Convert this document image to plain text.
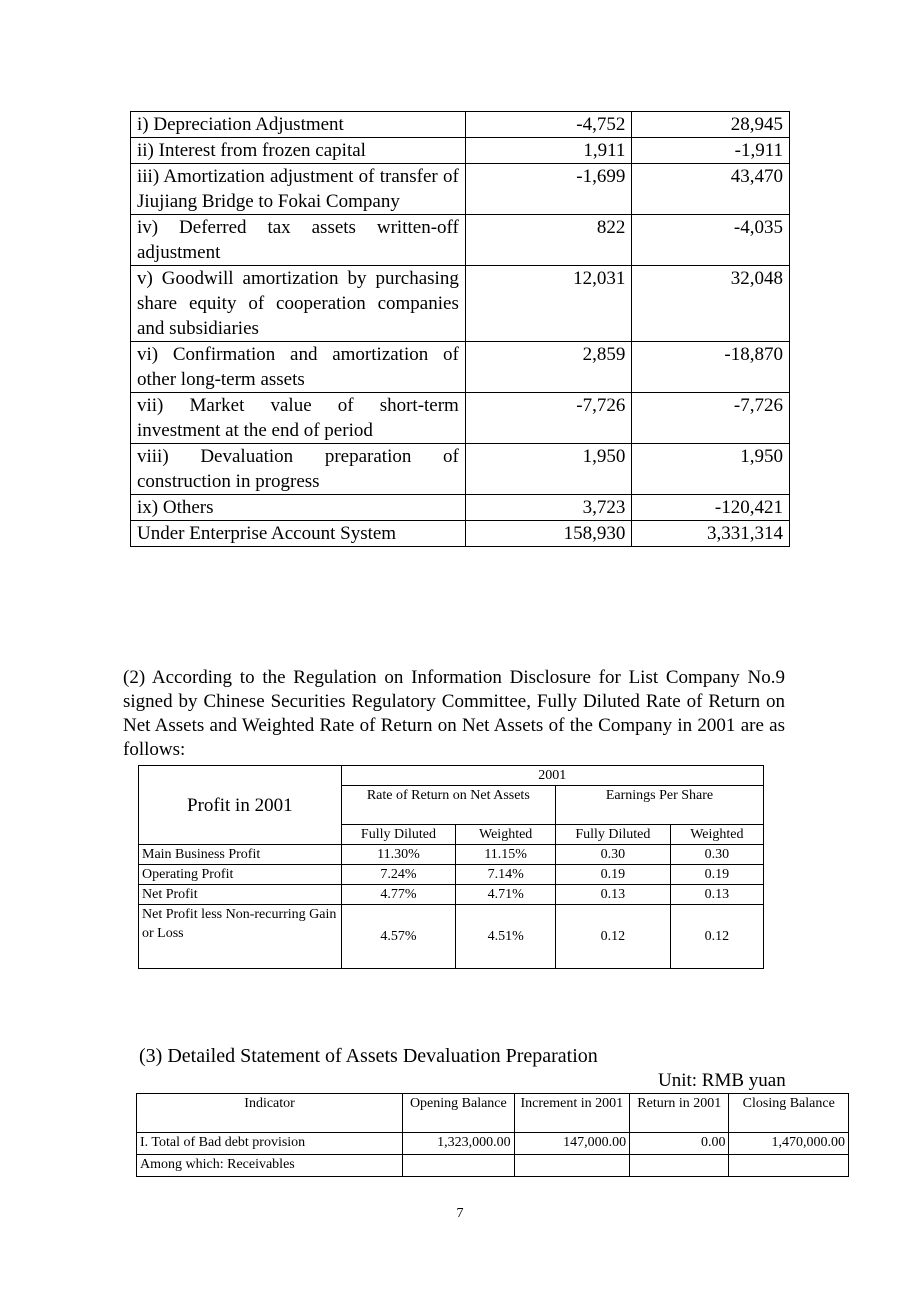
i) Depreciation Adjustment	-4,752	28,945
ii) Interest from frozen capital	1,911	-1,911
iii) Amortization adjustment of transfer of Jiujiang Bridge to Fokai Company	-1,699	43,470
iv) Deferred tax assets written-off adjustment	822	-4,035
v) Goodwill amortization by purchasing share equity of cooperation companies and subsidiaries	12,031	32,048
vi) Confirmation and amortization of other long-term assets	2,859	-18,870
vii) Market value of short-term investment at the end of period	-7,726	-7,726
viii) Devaluation preparation of construction in progress	1,950	1,950
ix) Others	3,723	-120,421
Under Enterprise Account System	158,930	3,331,314

(2) According to the Regulation on Information Disclosure for List Company No.9 signed by Chinese Securities Regulatory Committee, Fully Diluted Rate of Return on Net Assets and Weighted Rate of Return on Net Assets of the Company in 2001 are as follows:

Profit in 2001	2001			
	Rate of Return on Net Assets		Earnings Per Share	
	Fully Diluted	Weighted	Fully Diluted	Weighted
Main Business Profit	11.30%	11.15%	0.30	0.30
Operating Profit	7.24%	7.14%	0.19	0.19
Net Profit	4.77%	4.71%	0.13	0.13
Net Profit less Non-recurring Gain or Loss	4.57%	4.51%	0.12	0.12

(3) Detailed Statement of Assets Devaluation Preparation

Unit: RMB yuan

Indicator	Opening Balance	Increment in 2001	Return in 2001	Closing Balance
I. Total of Bad debt provision	1,323,000.00	147,000.00	0.00	1,470,000.00
Among which: Receivables				

7
